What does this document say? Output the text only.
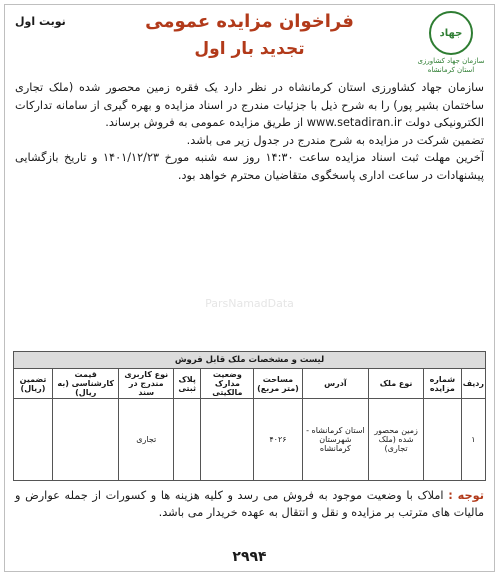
جهاد
سازمان جهاد کشاورزی استان کرمانشاه
فراخوان مزایده عمومی
تجدید بار اول
نوبت اول

سازمان جهاد کشاورزی استان کرمانشاه در نظر دارد یک فقره زمین محصور شده (ملک تجاری ساختمان بشیر پور) را به شرح ذیل با جزئیات مندرج در اسناد مزایده و بهره گیری از سامانه تدارکات الکترونیکی دولت www.setadiran.ir از طریق مزایده عمومی به فروش برساند.

تضمین شرکت در مزایده به شرح مندرج در جدول زیر می باشد.

آخرین مهلت ثبت اسناد مزایده ساعت ۱۴:۳۰ روز سه شنبه مورخ ۱۴۰۱/۱۲/۲۳ و تاریخ بازگشایی پیشنهادات در ساعت اداری پاسخگوی متقاضیان محترم خواهد بود.

ParsNamadData
لیست و مشخصات ملک قابل فروش									
ردیف	شماره مزایده	نوع ملک	آدرس	مساحت (متر مربع)	وضعیت مدارک مالکیتی	پلاک ثبتی	نوع کاربری مندرج در سند	قیمت کارشناسی (به ریال)	تضمین (ریال)
۱		زمین محصور شده (ملک تجاری)	استان کرمانشاه - شهرستان کرمانشاه	۴۰۲۶			تجاری		
توجه : املاک با وضعیت موجود به فروش می رسد و کلیه هزینه ها و کسورات از جمله عوارض و مالیات های مترتب بر مزایده و نقل و انتقال به عهده خریدار می باشد.
۲۹۹۴
